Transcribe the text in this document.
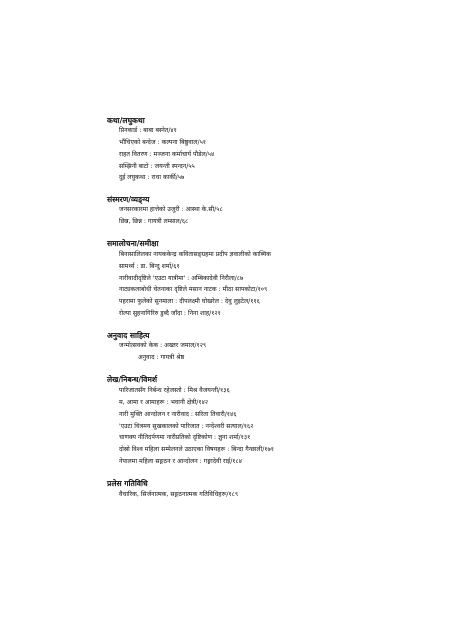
कथा/लघुकथा
प्रिनकार्ड : बाबा बस्नेत/४१
भौंचिएको बन्देज : कल्पना बिष्ठुवाल/५१
राहत वितरण : मञ्जना कर्माचार्य पौडेल/५४
सम्झिनी बाटो : जयन्ती स्पन्दन/५५
दुई लघुकथा : राधा कार्की/५७
संस्मरण/व्यङ्ग्य
जनसरकारमा हात्तेको उजुरी : आस्था के.सी/५८
छिन्न, छिन्न : गायत्री लम्साल/६८
समालोचना/समीक्षा
बिनासालिलका नायककेन्द्र कवितासङ्ग्रहमा प्रदीप ज्ञवालीको काब्यिक
सामर्थ्य : डा. बिन्दु शर्मा/६१
नारीवादीदृष्टिले 'एउटा यात्रीमा' : अम्बिकादेवी निरौला/८७
नाट्यकलाबोधी चेतनाका दृष्टिले मसान नाटक : मीठा सापकोटा/१०९
पहरामा फुलेको सुनमाला : दीपलक्ष्मी घोखरेल : देवु लुइटेल/११६
रोल्पा सुहनागिरिरु डुब्दै जाँदा : निना शाह/१२१
अनुवाद साहित्य
जन्मोत्सवको केक : अख्तर जमाल/१२९
अनुवाद : गायत्री श्रेष्ठ
लेख/निबन्ध/विमर्श
पारिजातसँग निर्बन्ध रहेजस्तो : मिश्र वैजयन्ती/१३६
म, आमा र आमाहरू : भवानी क्षेत्री/१४२
नारी मुक्ति आन्दोलन र नारीवाद : सरिता तिवारी/१४६
'एउटा चित्रमय सुखकालको पारिजात : नन्देश्वरी सत्याल/१६२
चाणक्य नीतिदर्पणमा नारीप्रतिको दृष्टिकोण : ज्ञुना शर्मा/१३१
दोस्रो विश्व महिला सम्मेलनले उठाएका विषयहरू : बिन्दा गैन्छाली/१७१
नेपालमा महिला सङ्गठन र आन्दोलन : गङ्गादेवी राई/१८४
प्रलेस गतिविधि
वैचारिक, सिर्जनात्मक, सङ्गठनात्मक गतिविधिहरू/१८९
